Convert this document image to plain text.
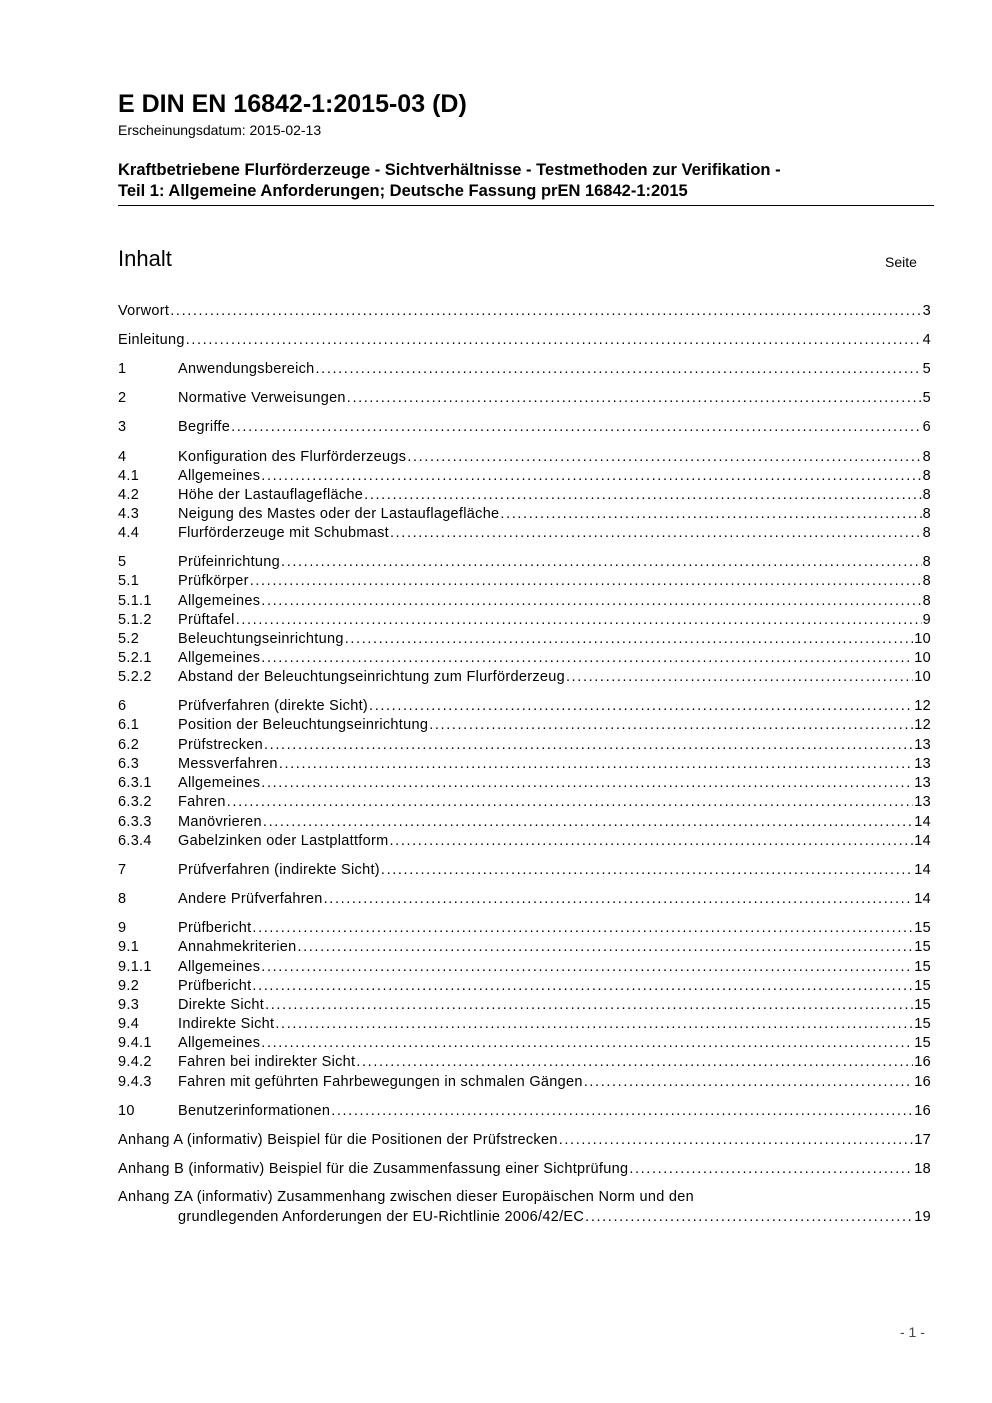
E DIN EN 16842-1:2015-03 (D)
Erscheinungsdatum: 2015-02-13
Kraftbetriebene Flurförderzeuge - Sichtverhältnisse - Testmethoden zur Verifikation -
Teil 1: Allgemeine Anforderungen; Deutsche Fassung prEN 16842-1:2015
Inhalt	Seite
Vorwort . . .	3
Einleitung . . .	4
1	Anwendungsbereich . . .	5
2	Normative Verweisungen . . .	5
3	Begriffe . . .	6
4	Konfiguration des Flurförderzeugs . . .	8
4.1	Allgemeines . . .	8
4.2	Höhe der Lastauflagefläche . . .	8
4.3	Neigung des Mastes oder der Lastauflagefläche . . .	8
4.4	Flurförderzeuge mit Schubmast . . .	8
5	Prüfeinrichtung . . .	8
5.1	Prüfkörper . . .	8
5.1.1	Allgemeines . . .	8
5.1.2	Prüftafel . . .	9
5.2	Beleuchtungseinrichtung . . .	10
5.2.1	Allgemeines . . .	10
5.2.2	Abstand der Beleuchtungseinrichtung zum Flurförderzeug . . .	10
6	Prüfverfahren (direkte Sicht) . . .	12
6.1	Position der Beleuchtungseinrichtung . . .	12
6.2	Prüfstrecken . . .	13
6.3	Messverfahren . . .	13
6.3.1	Allgemeines . . .	13
6.3.2	Fahren . . .	13
6.3.3	Manövrieren . . .	14
6.3.4	Gabelzinken oder Lastplattform . . .	14
7	Prüfverfahren (indirekte Sicht) . . .	14
8	Andere Prüfverfahren . . .	14
9	Prüfbericht . . .	15
9.1	Annahmekriterien . . .	15
9.1.1	Allgemeines . . .	15
9.2	Prüfbericht . . .	15
9.3	Direkte Sicht . . .	15
9.4	Indirekte Sicht . . .	15
9.4.1	Allgemeines . . .	15
9.4.2	Fahren bei indirekter Sicht . . .	16
9.4.3	Fahren mit geführten Fahrbewegungen in schmalen Gängen . . .	16
10	Benutzerinformationen . . .	16
Anhang A (informativ) Beispiel für die Positionen der Prüfstrecken . . .	17
Anhang B (informativ) Beispiel für die Zusammenfassung einer Sichtprüfung . . .	18
Anhang ZA (informativ) Zusammenhang zwischen dieser Europäischen Norm und den
grundlegenden Anforderungen der EU-Richtlinie 2006/42/EC . . .	19
- 1 -
